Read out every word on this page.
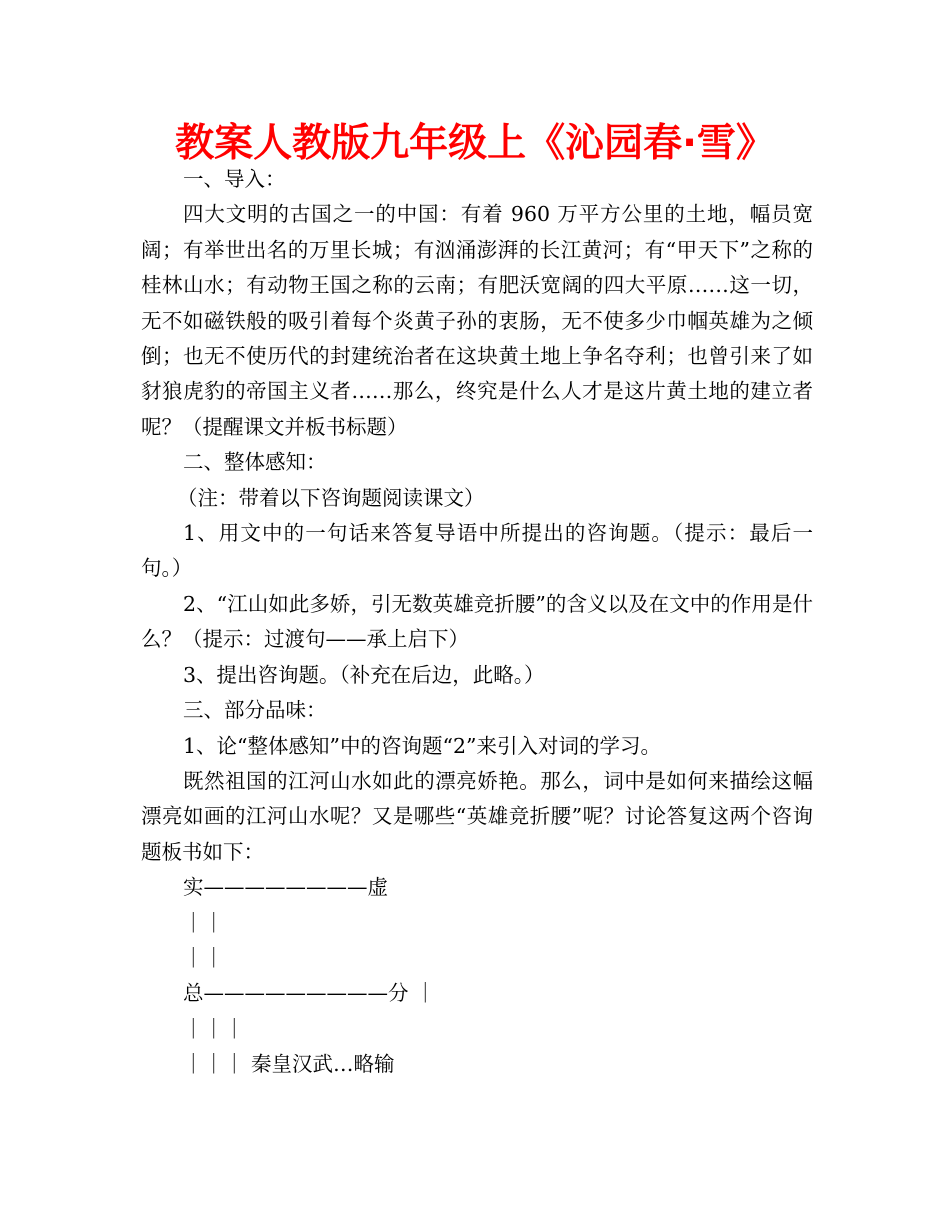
教案人教版九年级上《沁园春·雪》

一、导入：

四大文明的古国之一的中国：有着 960 万平方公里的土地，幅员宽阔；有举世出名的万里长城；有汹涌澎湃的长江黄河；有“甲天下”之称的桂林山水；有动物王国之称的云南；有肥沃宽阔的四大平原……这一切，无不如磁铁般的吸引着每个炎黄子孙的衷肠，无不使多少巾帼英雄为之倾倒；也无不使历代的封建统治者在这块黄土地上争名夺利；也曾引来了如豺狼虎豹的帝国主义者……那么，终究是什么人才是这片黄土地的建立者呢？（提醒课文并板书标题）

二、整体感知：

（注：带着以下咨询题阅读课文）

1、用文中的一句话来答复导语中所提出的咨询题。（提示：最后一句。）

2、“江山如此多娇，引无数英雄竞折腰”的含义以及在文中的作用是什么？（提示：过渡句——承上启下）

3、提出咨询题。（补充在后边，此略。）

三、部分品味：

1、论“整体感知”中的咨询题“2”来引入对词的学习。

既然祖国的江河山水如此的漂亮娇艳。那么，词中是如何来描绘这幅漂亮如画的江河山水呢？又是哪些“英雄竞折腰”呢？讨论答复这两个咨询题板书如下：

实————————虚

｜｜

｜｜

总—————————分 ｜

｜｜｜

｜｜｜ 秦皇汉武…略输
